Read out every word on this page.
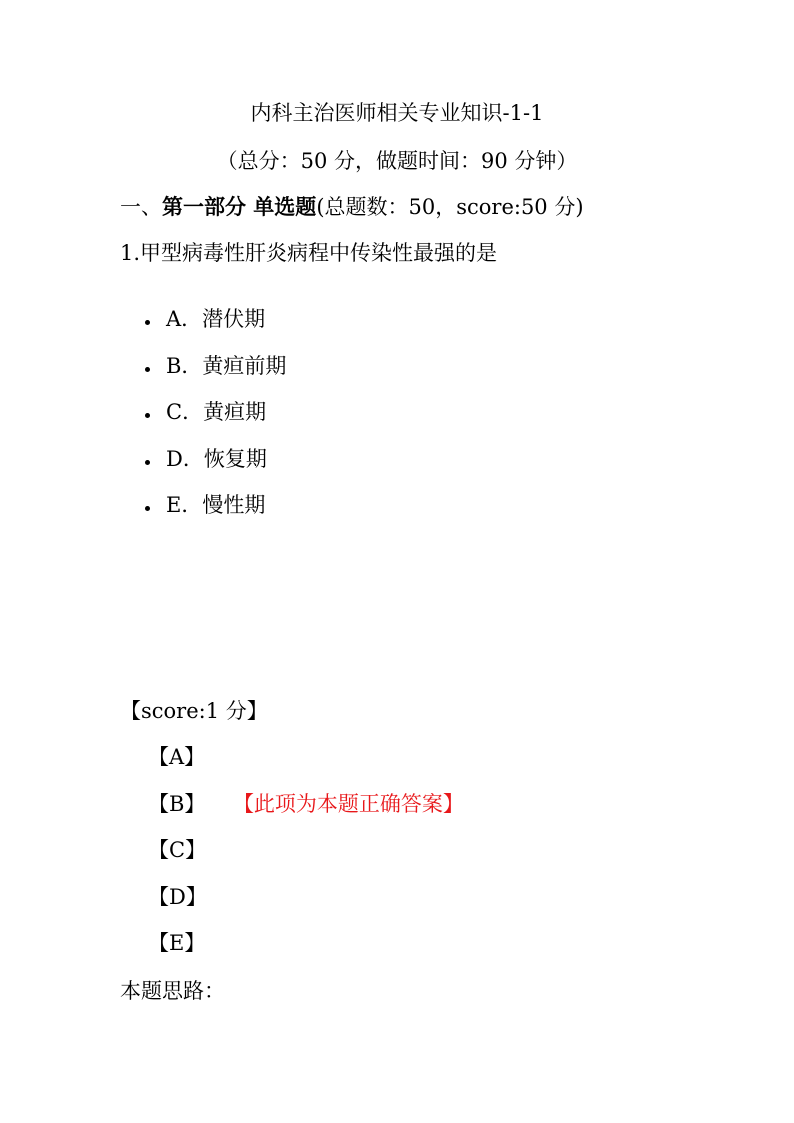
内科主治医师相关专业知识-1-1
（总分：50 分，做题时间：90 分钟）
一、第一部分 单选题(总题数：50，score:50 分)
1.甲型病毒性肝炎病程中传染性最强的是
A．潜伏期
B．黄疸前期
C．黄疸期
D．恢复期
E．慢性期
【score:1 分】
【A】
【B】 【此项为本题正确答案】
【C】
【D】
【E】
本题思路：
